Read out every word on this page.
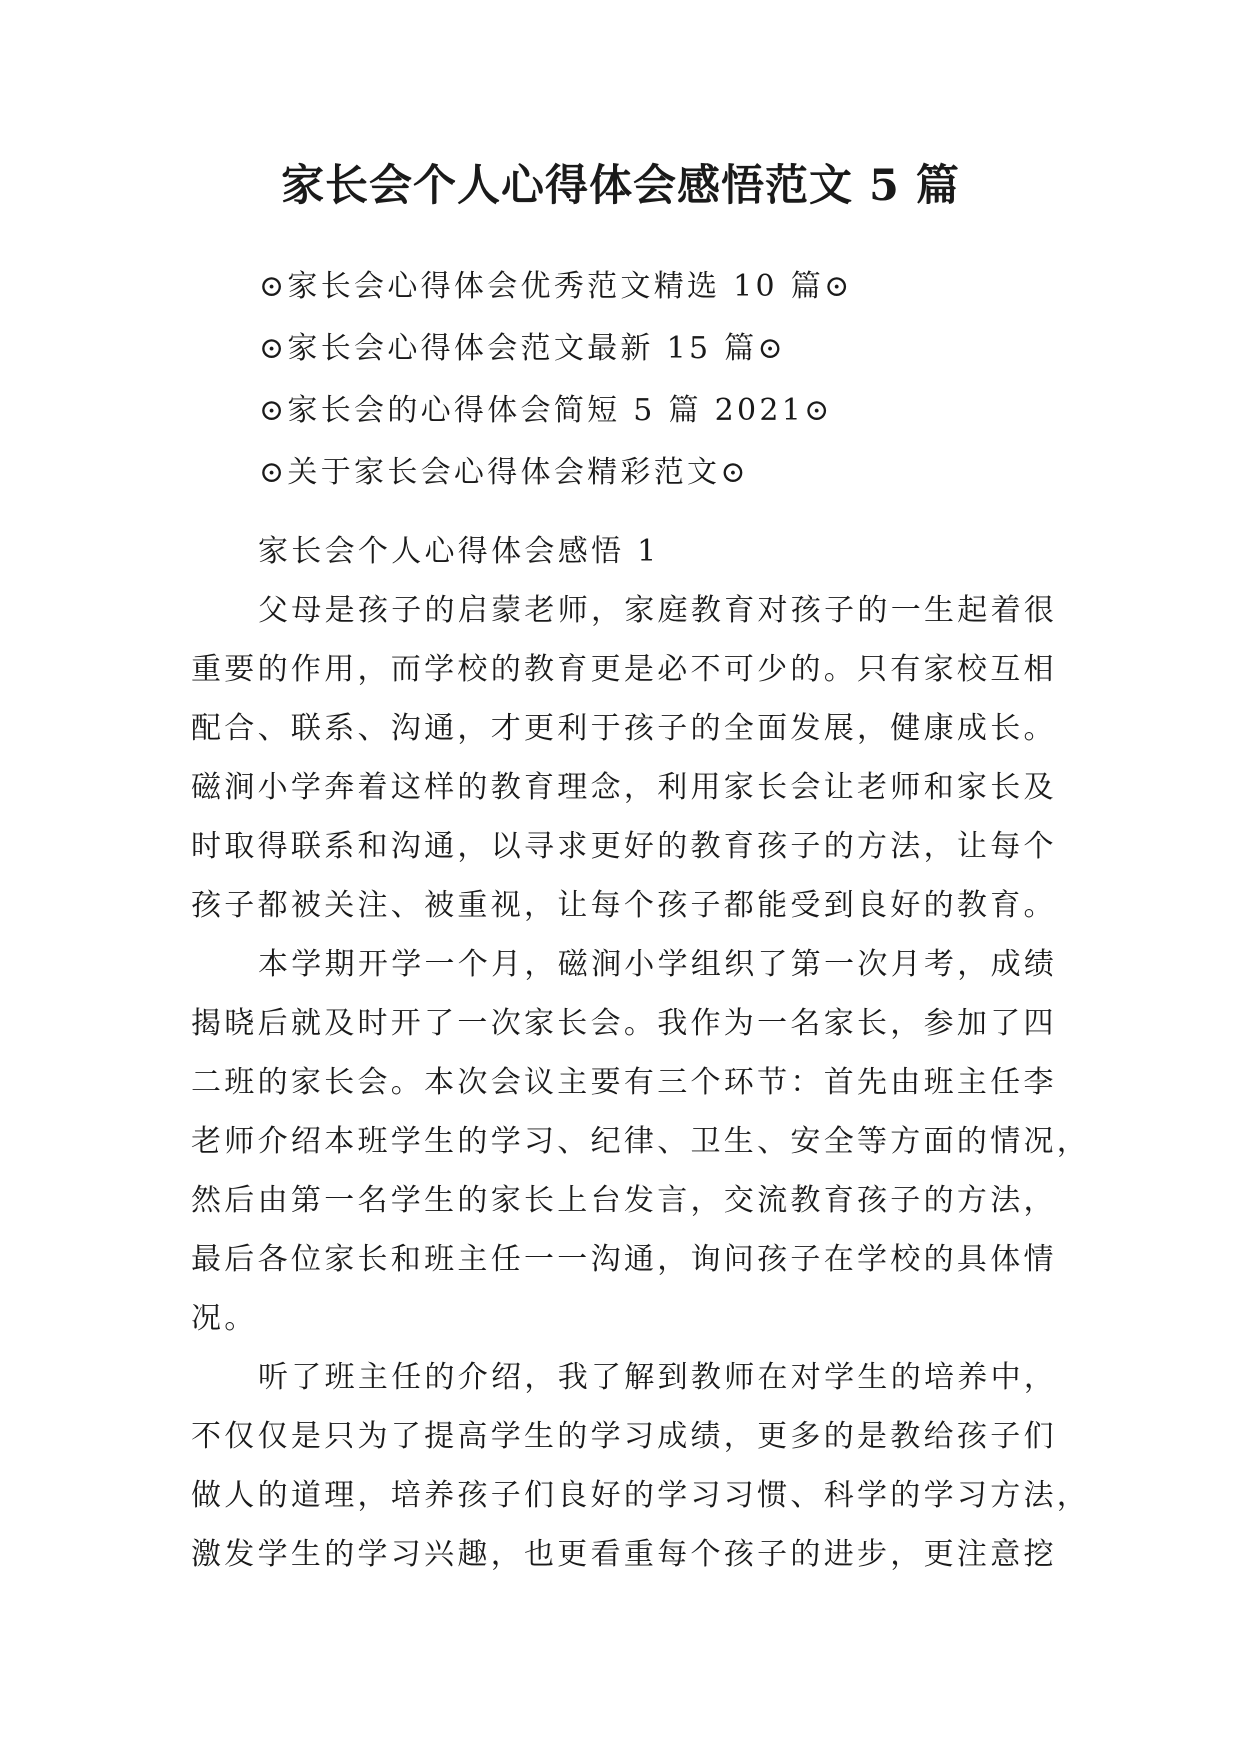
家长会个人心得体会感悟范文 5 篇
⊙家长会心得体会优秀范文精选 10 篇⊙
⊙家长会心得体会范文最新 15 篇⊙
⊙家长会的心得体会简短 5 篇 2021⊙
⊙关于家长会心得体会精彩范文⊙
家长会个人心得体会感悟 1
父母是孩子的启蒙老师，家庭教育对孩子的一生起着很
重要的作用，而学校的教育更是必不可少的。只有家校互相
配合、联系、沟通，才更利于孩子的全面发展，健康成长。
磁涧小学奔着这样的教育理念，利用家长会让老师和家长及
时取得联系和沟通，以寻求更好的教育孩子的方法，让每个
孩子都被关注、被重视，让每个孩子都能受到良好的教育。
本学期开学一个月，磁涧小学组织了第一次月考，成绩
揭晓后就及时开了一次家长会。我作为一名家长，参加了四
二班的家长会。本次会议主要有三个环节：首先由班主任李
老师介绍本班学生的学习、纪律、卫生、安全等方面的情况，
然后由第一名学生的家长上台发言，交流教育孩子的方法，
最后各位家长和班主任一一沟通，询问孩子在学校的具体情
况。
听了班主任的介绍，我了解到教师在对学生的培养中，
不仅仅是只为了提高学生的学习成绩，更多的是教给孩子们
做人的道理，培养孩子们良好的学习习惯、科学的学习方法，
激发学生的学习兴趣，也更看重每个孩子的进步，更注意挖
